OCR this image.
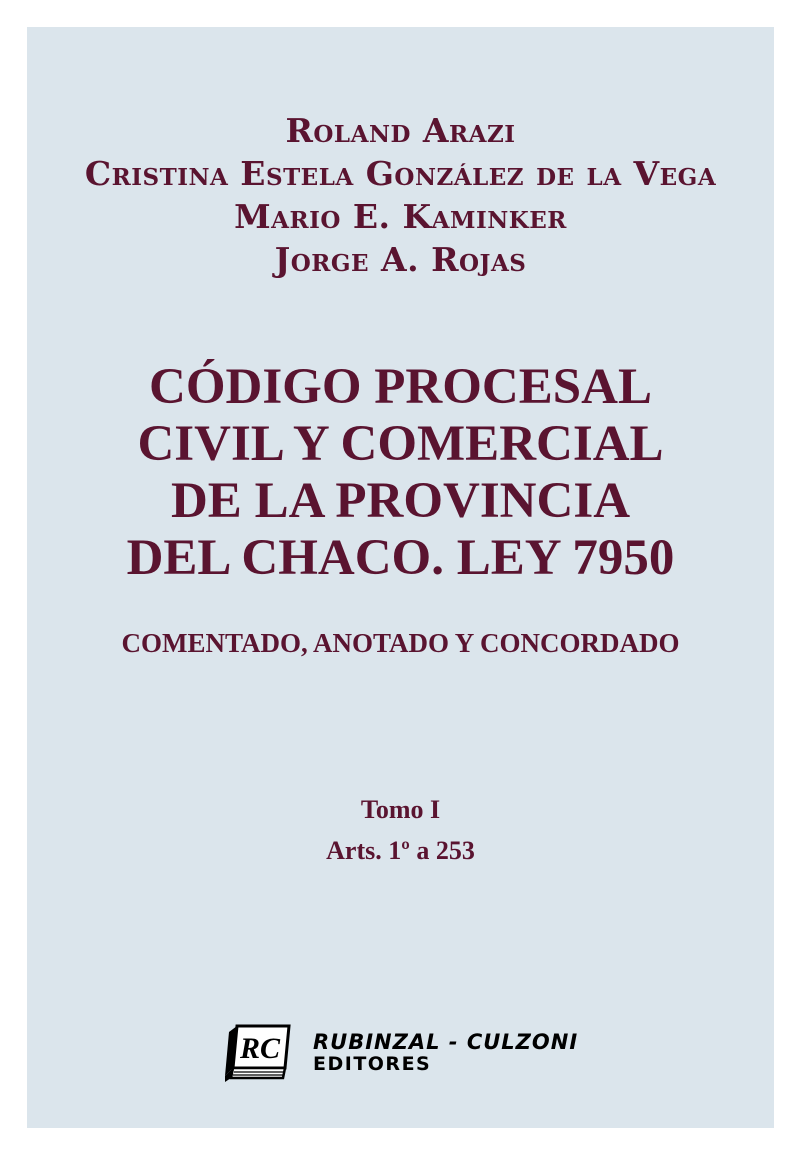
Roland Arazi
Cristina Estela González de la Vega
Mario E. Kaminker
Jorge A. Rojas
CÓDIGO PROCESAL
CIVIL Y COMERCIAL
DE LA PROVINCIA
DEL CHACO. LEY 7950
COMENTADO, ANOTADO Y CONCORDADO
Tomo I
Arts. 1º a 253
RC RUBINZAL - CULZONI
EDITORES
